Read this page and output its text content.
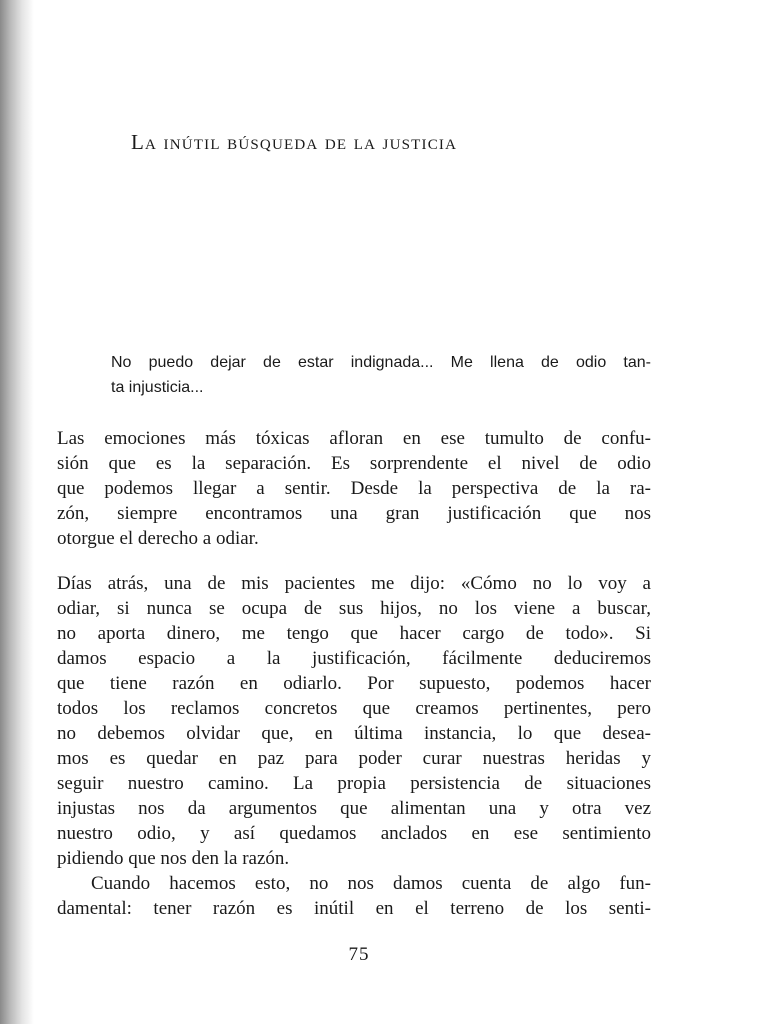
La inútil búsqueda de la justicia

No puedo dejar de estar indignada... Me llena de odio tan-
ta injusticia...

Las emociones más tóxicas afloran en ese tumulto de confu-
sión que es la separación. Es sorprendente el nivel de odio
que podemos llegar a sentir. Desde la perspectiva de la ra-
zón, siempre encontramos una gran justificación que nos
otorgue el derecho a odiar.

Días atrás, una de mis pacientes me dijo: «Cómo no lo voy a
odiar, si nunca se ocupa de sus hijos, no los viene a buscar,
no aporta dinero, me tengo que hacer cargo de todo». Si
damos espacio a la justificación, fácilmente deduciremos
que tiene razón en odiarlo. Por supuesto, podemos hacer
todos los reclamos concretos que creamos pertinentes, pero
no debemos olvidar que, en última instancia, lo que desea-
mos es quedar en paz para poder curar nuestras heridas y
seguir nuestro camino. La propia persistencia de situaciones
injustas nos da argumentos que alimentan una y otra vez
nuestro odio, y así quedamos anclados en ese sentimiento
pidiendo que nos den la razón.
Cuando hacemos esto, no nos damos cuenta de algo fun-
damental: tener razón es inútil en el terreno de los senti-

75
